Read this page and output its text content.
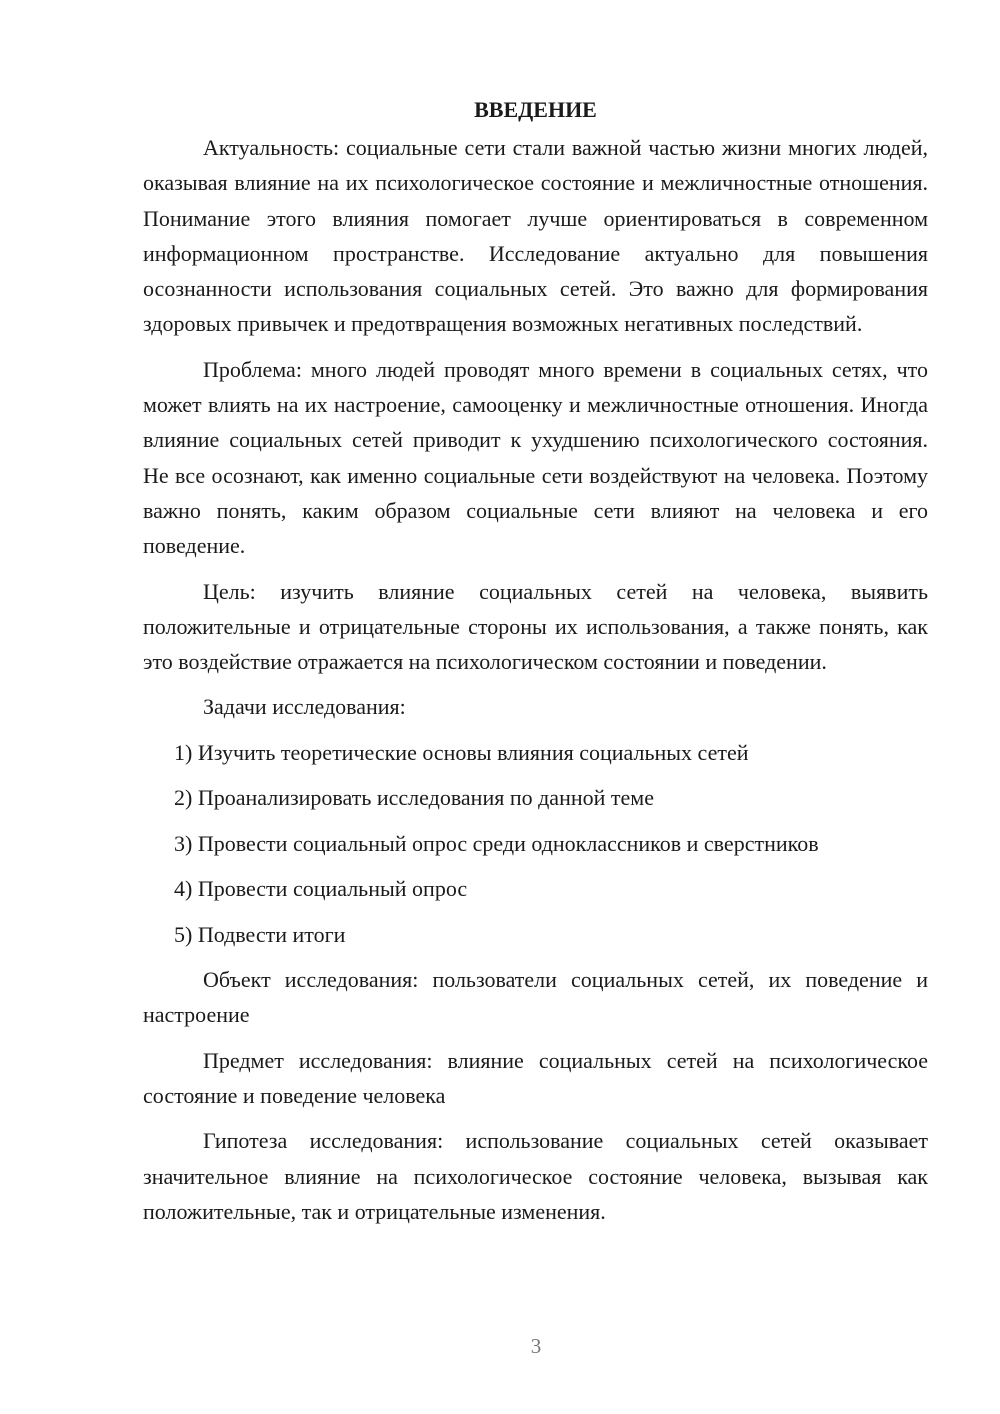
ВВЕДЕНИЕ

Актуальность: социальные сети стали важной частью жизни многих людей, оказывая влияние на их психологическое состояние и межличностные отношения. Понимание этого влияния помогает лучше ориентироваться в современном информационном пространстве. Исследование актуально для повышения осознанности использования социальных сетей. Это важно для формирования здоровых привычек и предотвращения возможных негативных последствий.

Проблема: много людей проводят много времени в социальных сетях, что может влиять на их настроение, самооценку и межличностные отношения. Иногда влияние социальных сетей приводит к ухудшению психологического состояния. Не все осознают, как именно социальные сети воздействуют на человека. Поэтому важно понять, каким образом социальные сети влияют на человека и его поведение.

Цель: изучить влияние социальных сетей на человека, выявить положительные и отрицательные стороны их использования, а также понять, как это воздействие отражается на психологическом состоянии и поведении.

Задачи исследования:

1) Изучить теоретические основы влияния социальных сетей
2) Проанализировать исследования по данной теме
3) Провести социальный опрос среди одноклассников и сверстников
4) Провести социальный опрос
5) Подвести итоги

Объект исследования: пользователи социальных сетей, их поведение и настроение

Предмет исследования: влияние социальных сетей на психологическое состояние и поведение человека

Гипотеза исследования: использование социальных сетей оказывает значительное влияние на психологическое состояние человека, вызывая как положительные, так и отрицательные изменения.

3
